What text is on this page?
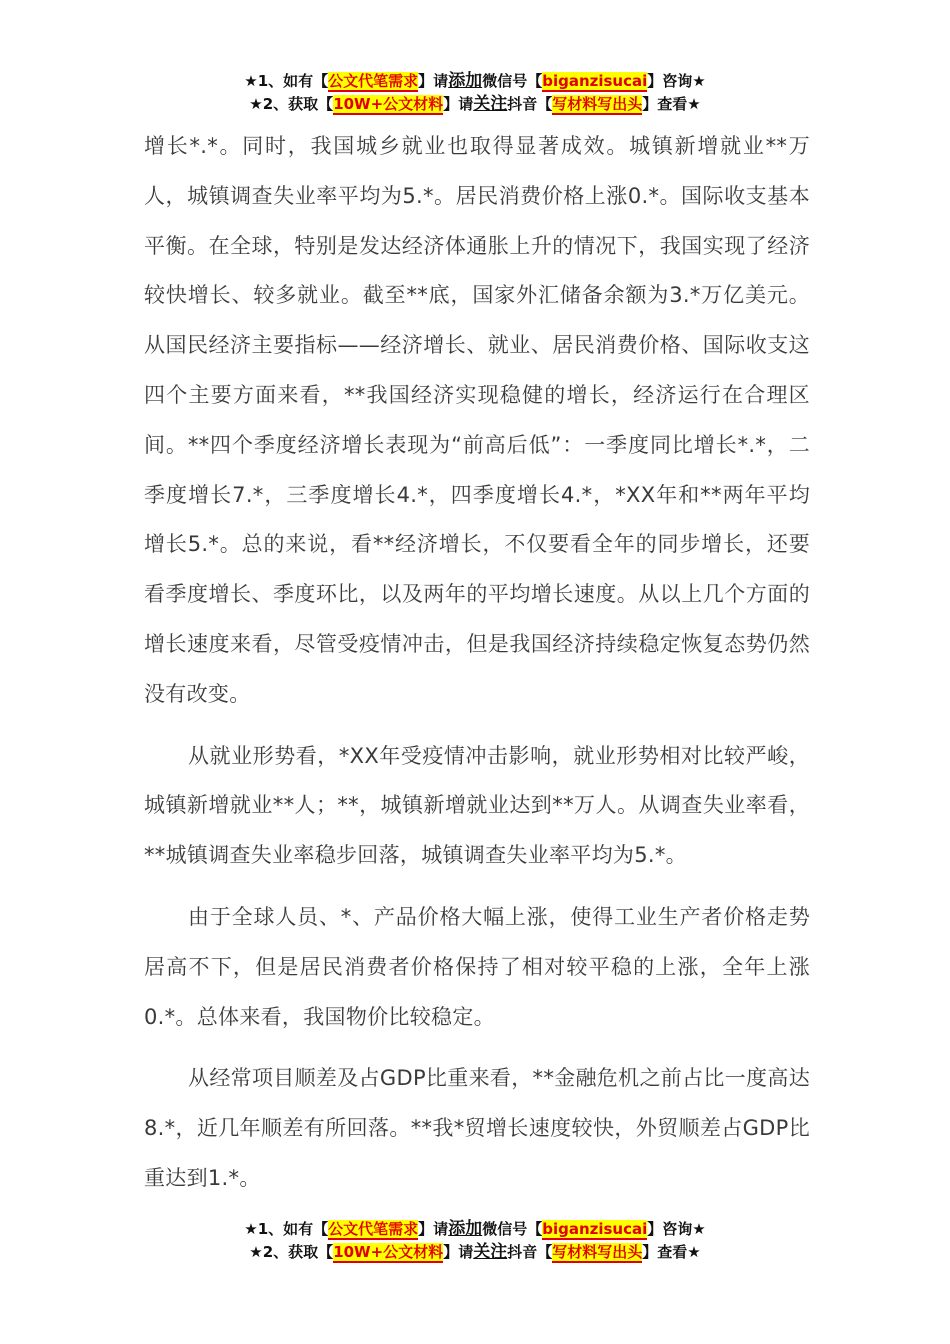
★1、如有【公文代笔需求】请添加微信号【biganzisucai】咨询★
★2、获取【10W+公文材料】请关注抖音【写材料写出头】查看★

增长*.*。同时，我国城乡就业也取得显著成效。城镇新增就业**万人，城镇调查失业率平均为5.*。居民消费价格上涨0.*。国际收支基本平衡。在全球，特别是发达经济体通胀上升的情况下，我国实现了经济较快增长、较多就业。截至**底，国家外汇储备余额为3.*万亿美元。从国民经济主要指标——经济增长、就业、居民消费价格、国际收支这四个主要方面来看，**我国经济实现稳健的增长，经济运行在合理区间。**四个季度经济增长表现为“前高后低”：一季度同比增长*.*，二季度增长7.*，三季度增长4.*，四季度增长4.*，*XX年和**两年平均增长5.*。总的来说，看**经济增长，不仅要看全年的同步增长，还要看季度增长、季度环比，以及两年的平均增长速度。从以上几个方面的增长速度来看，尽管受疫情冲击，但是我国经济持续稳定恢复态势仍然没有改变。

从就业形势看，*XX年受疫情冲击影响，就业形势相对比较严峻，城镇新增就业**人；**，城镇新增就业达到**万人。从调查失业率看，**城镇调查失业率稳步回落，城镇调查失业率平均为5.*。

由于全球人员、*、产品价格大幅上涨，使得工业生产者价格走势居高不下，但是居民消费者价格保持了相对较平稳的上涨，全年上涨0.*。总体来看，我国物价比较稳定。

从经常项目顺差及占GDP比重来看，**金融危机之前占比一度高达8.*，近几年顺差有所回落。**我*贸增长速度较快，外贸顺差占GDP比重达到1.*。

★1、如有【公文代笔需求】请添加微信号【biganzisucai】咨询★
★2、获取【10W+公文材料】请关注抖音【写材料写出头】查看★
